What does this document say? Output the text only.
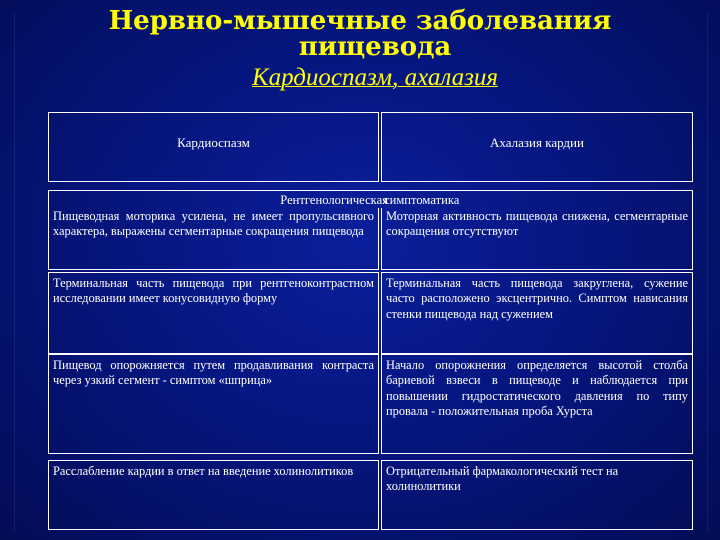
Нервно-мышечные заболевания
пищевода
Кардиоспазм, ахалазия
Кардиоспазм	Ахалазия кардии
Рентгенологическая
симптоматика
Пищеводная моторика усилена, не имеет пропульсивного характера, выражены сегментарные сокращения пищевода
Моторная активность пищевода снижена, сегментарные сокращения отсутствуют
Терминальная часть пищевода при рентгеноконтрастном исследовании имеет конусовидную форму
Терминальная часть пищевода закруглена, сужение часто расположено эксцентрично. Симптом нависания стенки пищевода над сужением
Пищевод опорожняется путем продавливания контраста через узкий сегмент - симптом «шприца»
Начало опорожнения определяется высотой столба бариевой взвеси в пищеводе и наблюдается при повышении гидростатического давления по типу провала - положительная проба Хурста
Расслабление кардии в ответ на введение холинолитиков	Отрицательный фармакологический тест на холинолитики
